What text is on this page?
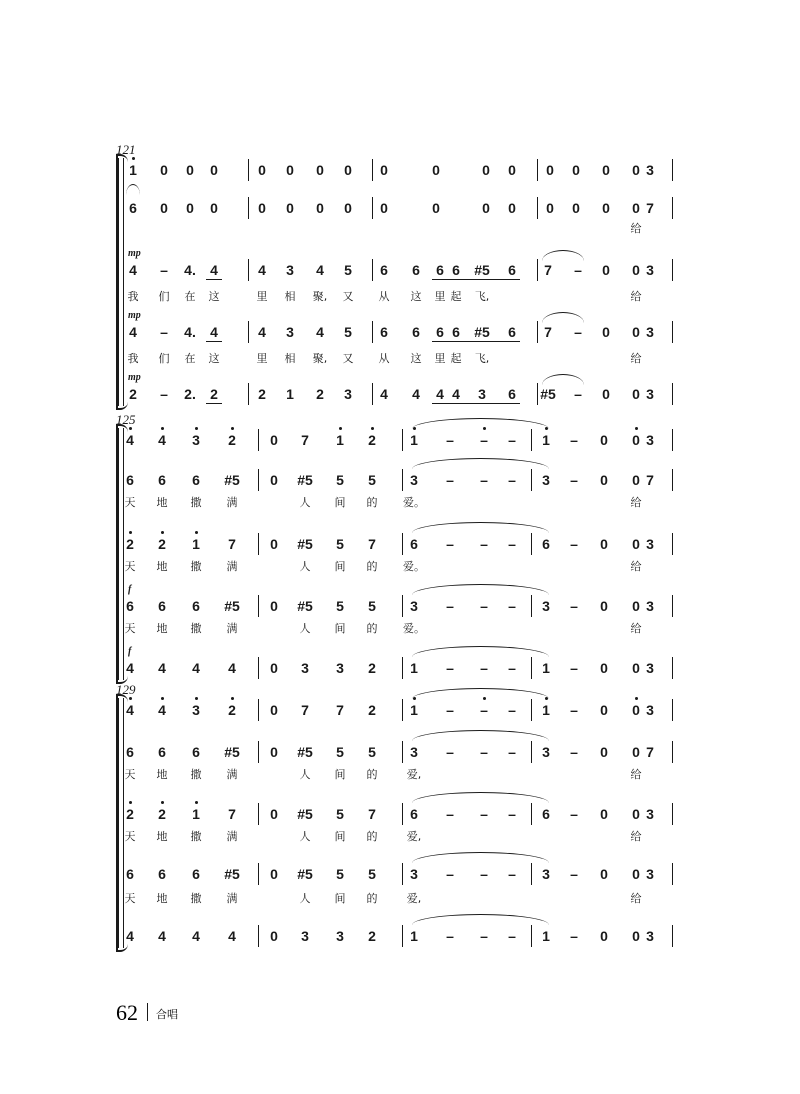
121
1	0	0	0	0	0	0	0	0	0	0	0	0	0	0	0 3
6	0	0	0	0	0	0	0	0	0	0	0	0	0	0	0 7
给
mp
4	–	4.	4	4	3	4	5	6	6	6 6	#5	6	7	–	0	0 3
我	们	在	这	里	相	聚,	又	从	这	里 起	飞,	给
mp
4	–	4.	4	4	3	4	5	6	6	6 6	#5	6	7	–	0	0 3
我	们	在	这	里	相	聚,	又	从	这	里 起	飞,	给
mp
2	–	2.	2	2	1	2	3	4	4	4 4	3	6	#5	–	0	0 3
125
4	4	3	2	0	7	1	2	1	–	–	–	1	–	0	0 3
6	6	6	#5	0	#5	5	5	3	–	–	–	3	–	0	0 7
天	地	撒	满	人	间	的	爱。	给
2	2	1	7	0	#5	5	7	6	–	–	–	6	–	0	0 3
天	地	撒	满	人	间	的	爱。	给
f
6	6	6	#5	0	#5	5	5	3	–	–	–	3	–	0	0 3
天	地	撒	满	人	间	的	爱。	给
f
4	4	4	4	0	3	3	2	1	–	–	–	1	–	0	0 3
129
4	4	3	2	0	7	7	2	1	–	–	–	1	–	0	0 3
6	6	6	#5	0	#5	5	5	3	–	–	–	3	–	0	0 7
天	地	撒	满	人	间	的	爱,	给
2	2	1	7	0	#5	5	7	6	–	–	–	6	–	0	0 3
天	地	撒	满	人	间	的	爱,	给
6	6	6	#5	0	#5	5	5	3	–	–	–	3	–	0	0 3
天	地	撒	满	人	间	的	爱,	给
4	4	4	4	0	3	3	2	1	–	–	–	1	–	0	0 3
62 合唱
